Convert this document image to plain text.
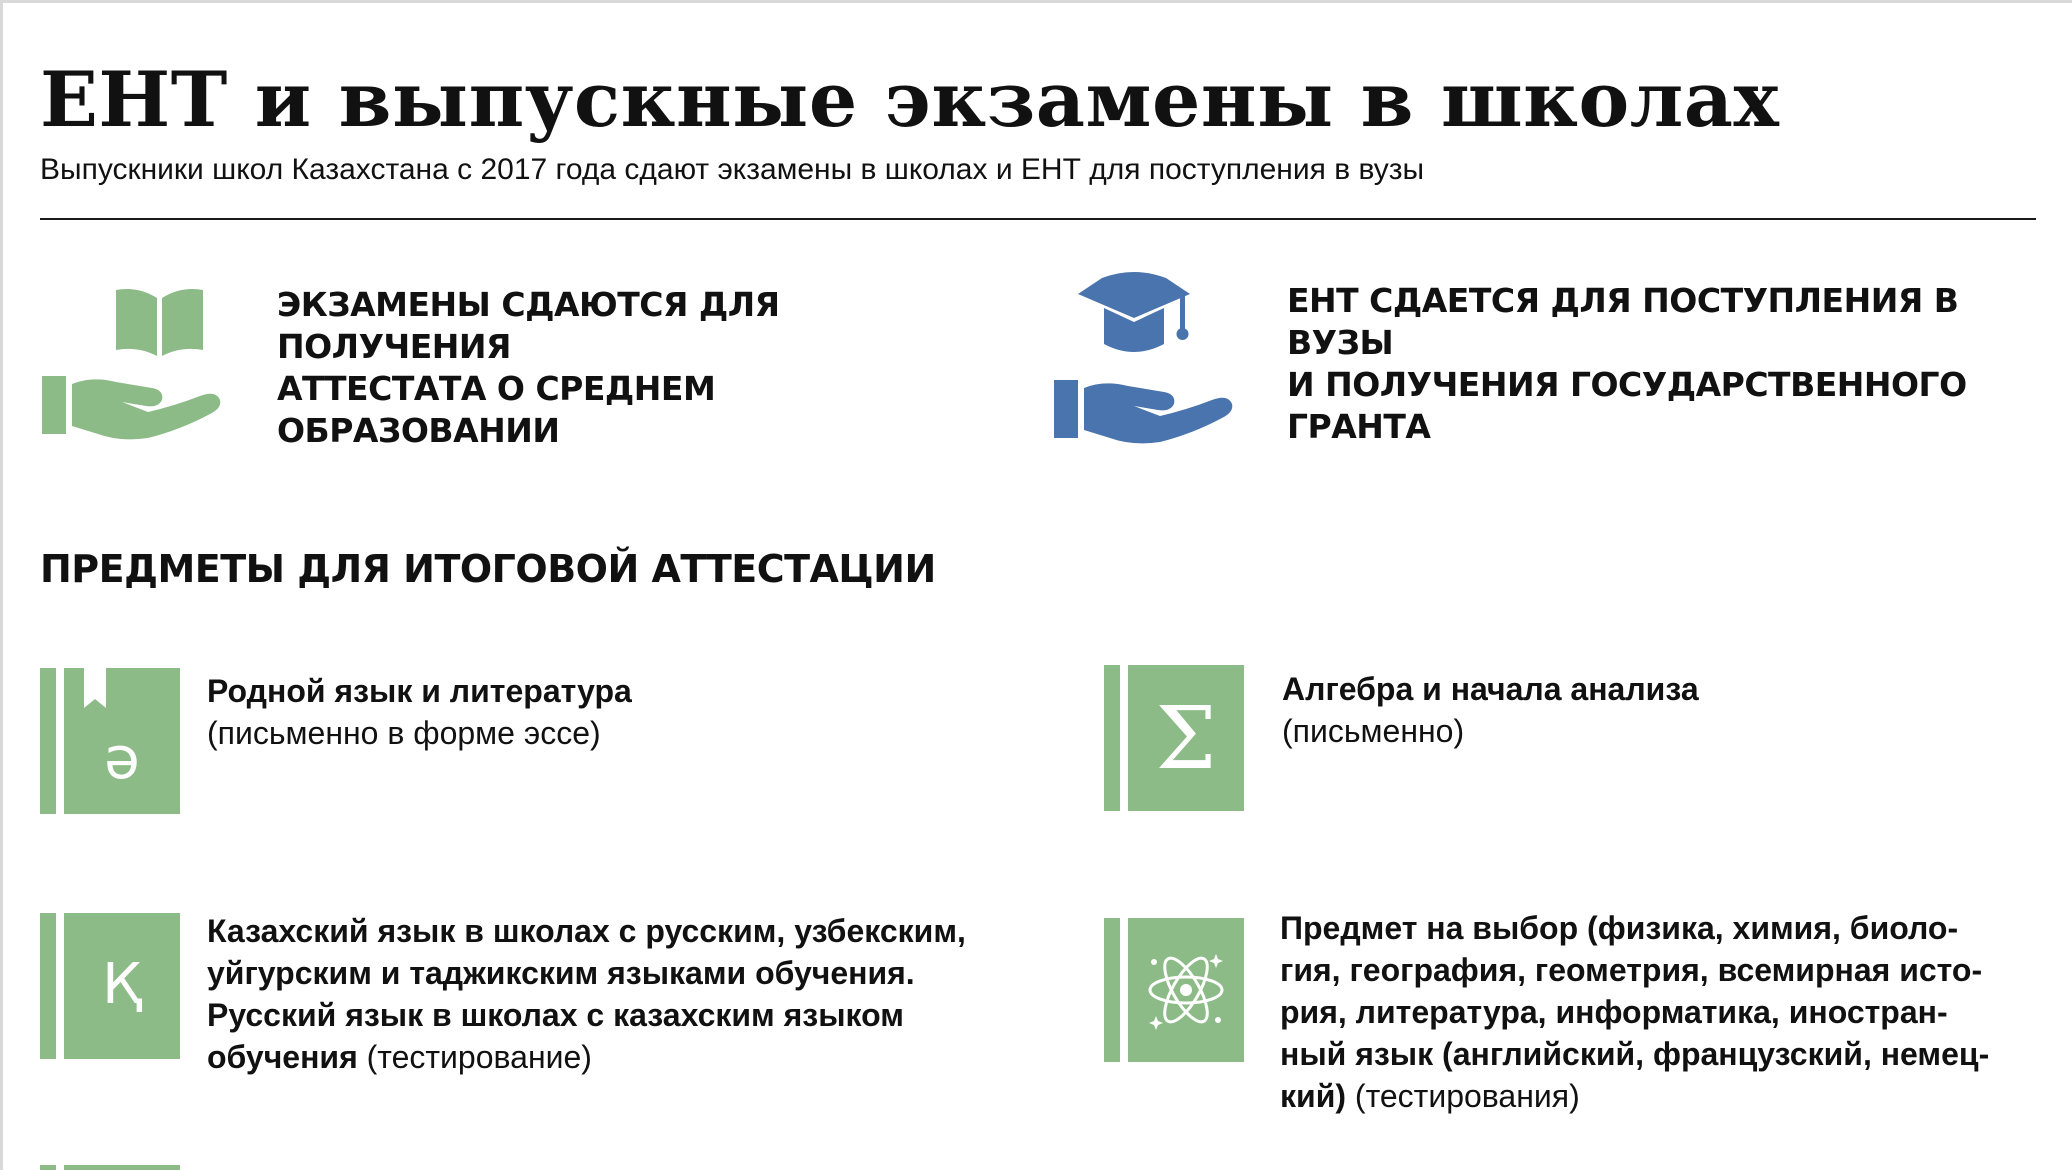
ЕНТ и выпускные экзамены в школах

Выпускники школ Казахстана с 2017 года сдают экзамены в школах и ЕНТ для поступления в вузы

ЭКЗАМЕНЫ СДАЮТСЯ ДЛЯ ПОЛУЧЕНИЯ
АТТЕСТАТА О СРЕДНЕМ ОБРАЗОВАНИИ
ЕНТ СДАЕТСЯ ДЛЯ ПОСТУПЛЕНИЯ В ВУЗЫ
И ПОЛУЧЕНИЯ ГОСУДАРСТВЕННОГО
ГРАНТА
ПРЕДМЕТЫ ДЛЯ ИТОГОВОЙ АТТЕСТАЦИИ
ә

Родной язык и литература
(письменно в форме эссе)	Σ	Алгебра и начала анализа
(письменно)

Қ

Казахский язык в школах с русским, узбекским,
уйгурским и таджикским языками обучения.
Русский язык в школах с казахским языком
обучения (тестирование)

Предмет на выбор (физика, химия, биоло-
гия, география, геометрия, всемирная исто-
рия, литература, информатика, иностран-
ный язык (английский, французский, немец-
кий) (тестирования)
